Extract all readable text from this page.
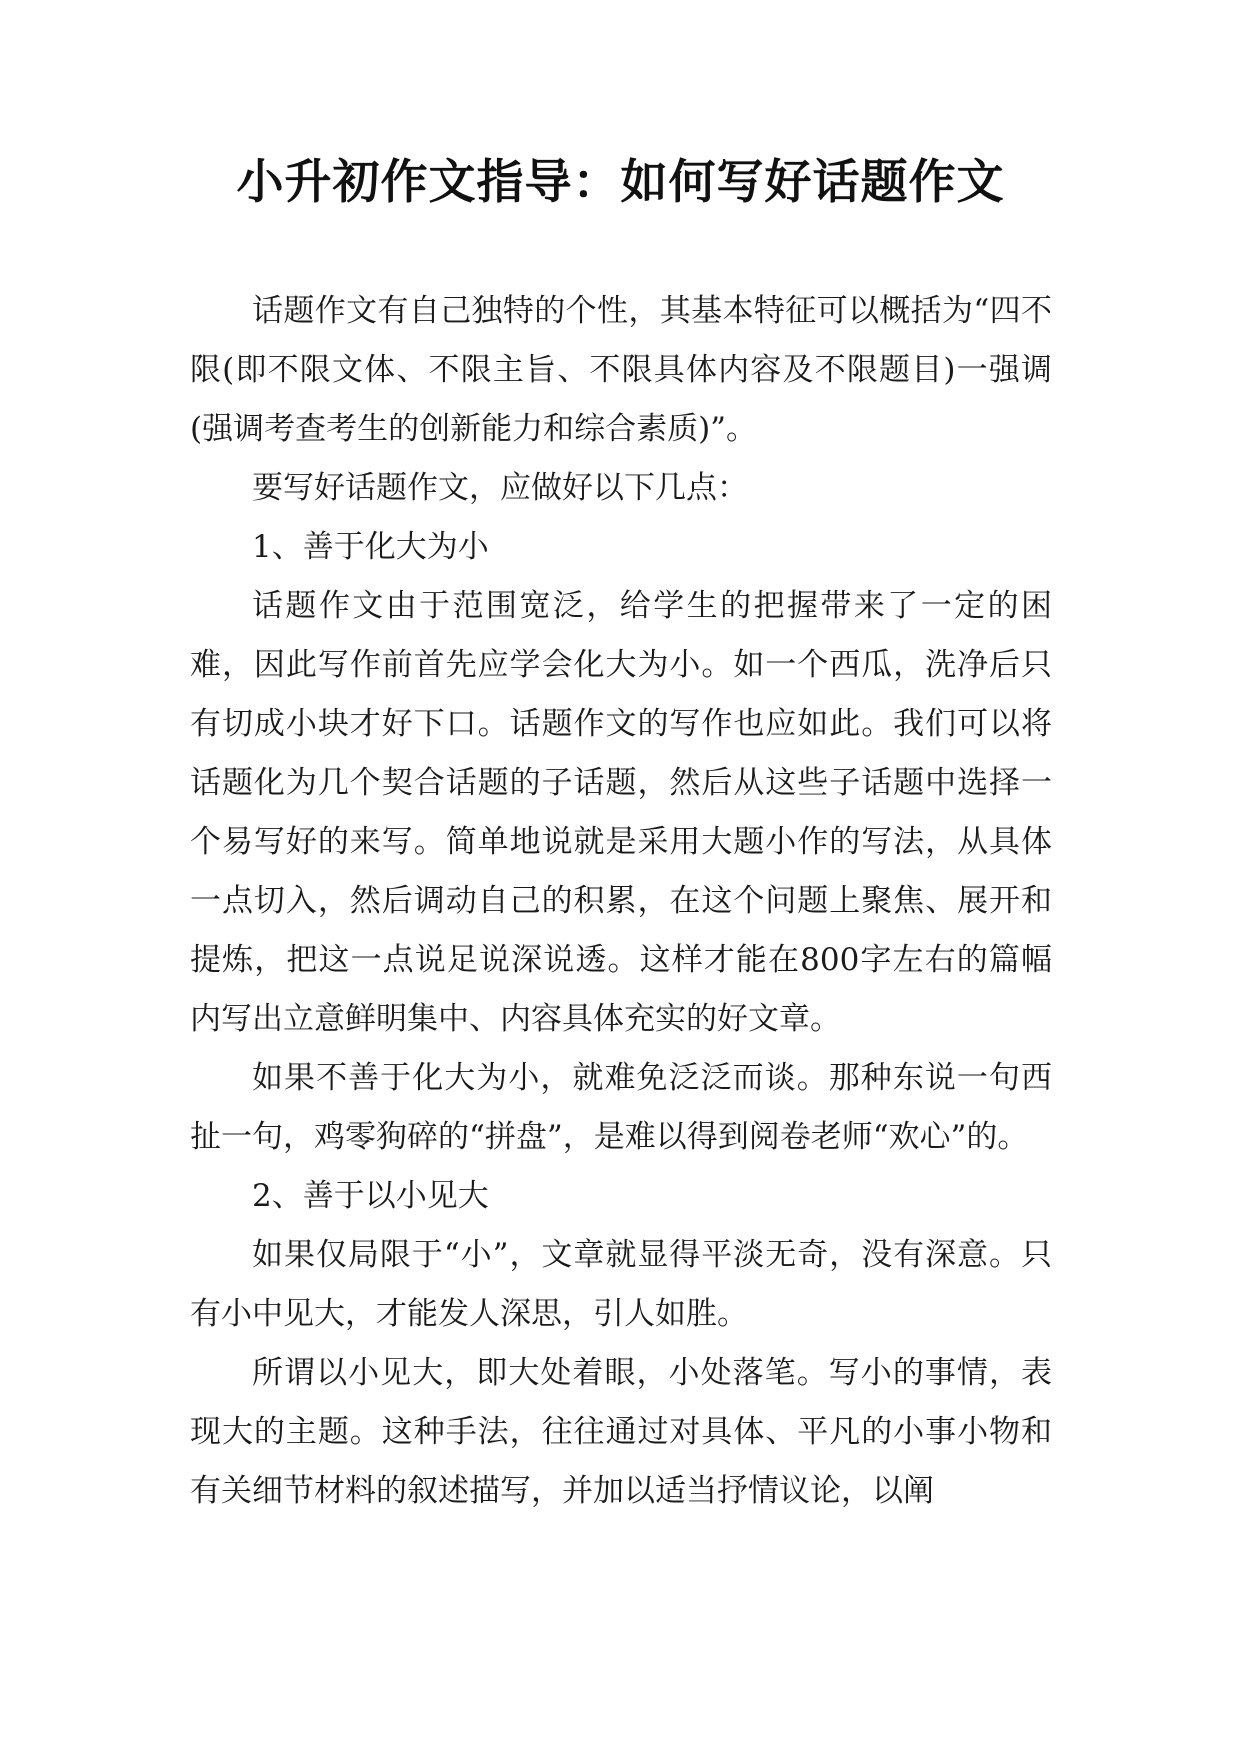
小升初作文指导：如何写好话题作文

话题作文有自己独特的个性，其基本特征可以概括为“四不限(即不限文体、不限主旨、不限具体内容及不限题目)一强调(强调考查考生的创新能力和综合素质)”。

要写好话题作文，应做好以下几点：

1、善于化大为小

话题作文由于范围宽泛，给学生的把握带来了一定的困难，因此写作前首先应学会化大为小。如一个西瓜，洗净后只有切成小块才好下口。话题作文的写作也应如此。我们可以将话题化为几个契合话题的子话题，然后从这些子话题中选择一个易写好的来写。简单地说就是采用大题小作的写法，从具体一点切入，然后调动自己的积累，在这个问题上聚焦、展开和提炼，把这一点说足说深说透。这样才能在800字左右的篇幅内写出立意鲜明集中、内容具体充实的好文章。

如果不善于化大为小，就难免泛泛而谈。那种东说一句西扯一句，鸡零狗碎的“拼盘”，是难以得到阅卷老师“欢心”的。

2、善于以小见大

如果仅局限于“小”，文章就显得平淡无奇，没有深意。只有小中见大，才能发人深思，引人如胜。

所谓以小见大，即大处着眼，小处落笔。写小的事情，表现大的主题。这种手法，往往通过对具体、平凡的小事小物和有关细节材料的叙述描写，并加以适当抒情议论，以阐
